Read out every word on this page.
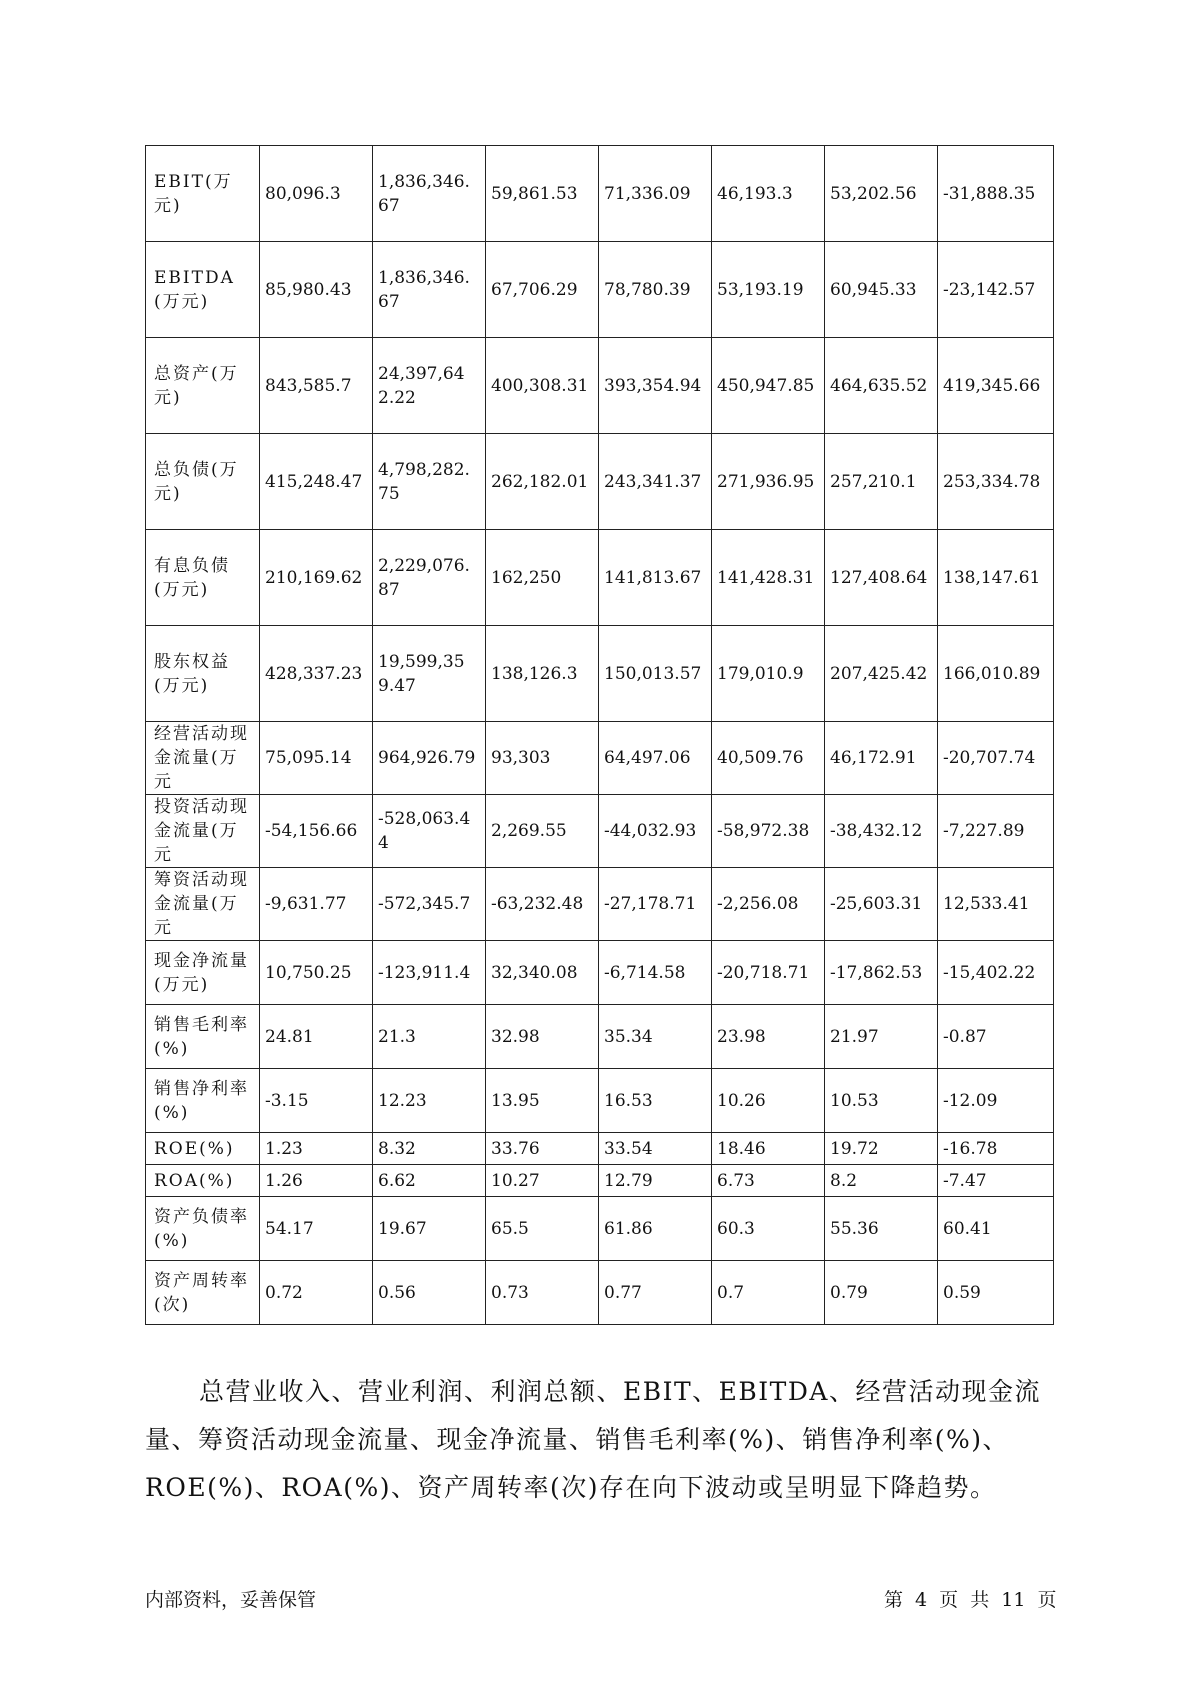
EBIT(万元)	80,096.3	1,836,346.67	59,861.53	71,336.09	46,193.3	53,202.56	-31,888.35
EBITDA(万元)	85,980.43	1,836,346.67	67,706.29	78,780.39	53,193.19	60,945.33	-23,142.57
总资产(万元)	843,585.7	24,397,642.22	400,308.31	393,354.94	450,947.85	464,635.52	419,345.66
总负债(万元)	415,248.47	4,798,282.75	262,182.01	243,341.37	271,936.95	257,210.1	253,334.78
有息负债(万元)	210,169.62	2,229,076.87	162,250	141,813.67	141,428.31	127,408.64	138,147.61
股东权益(万元)	428,337.23	19,599,359.47	138,126.3	150,013.57	179,010.9	207,425.42	166,010.89
经营活动现金流量(万元	75,095.14	964,926.79	93,303	64,497.06	40,509.76	46,172.91	-20,707.74
投资活动现金流量(万元	-54,156.66	-528,063.44	2,269.55	-44,032.93	-58,972.38	-38,432.12	-7,227.89
筹资活动现金流量(万元	-9,631.77	-572,345.7	-63,232.48	-27,178.71	-2,256.08	-25,603.31	12,533.41
现金净流量(万元)	10,750.25	-123,911.4	32,340.08	-6,714.58	-20,718.71	-17,862.53	-15,402.22
销售毛利率(%)	24.81	21.3	32.98	35.34	23.98	21.97	-0.87
销售净利率(%)	-3.15	12.23	13.95	16.53	10.26	10.53	-12.09
ROE(%)	1.23	8.32	33.76	33.54	18.46	19.72	-16.78
ROA(%)	1.26	6.62	10.27	12.79	6.73	8.2	-7.47
资产负债率(%)	54.17	19.67	65.5	61.86	60.3	55.36	60.41
资产周转率(次)	0.72	0.56	0.73	0.77	0.7	0.79	0.59

总营业收入、营业利润、利润总额、EBIT、EBITDA、经营活动现金流量、筹资活动现金流量、现金净流量、销售毛利率(%)、销售净利率(%)、ROE(%)、ROA(%)、资产周转率(次)存在向下波动或呈明显下降趋势。

内部资料，妥善保管	第 4 页 共 11 页
